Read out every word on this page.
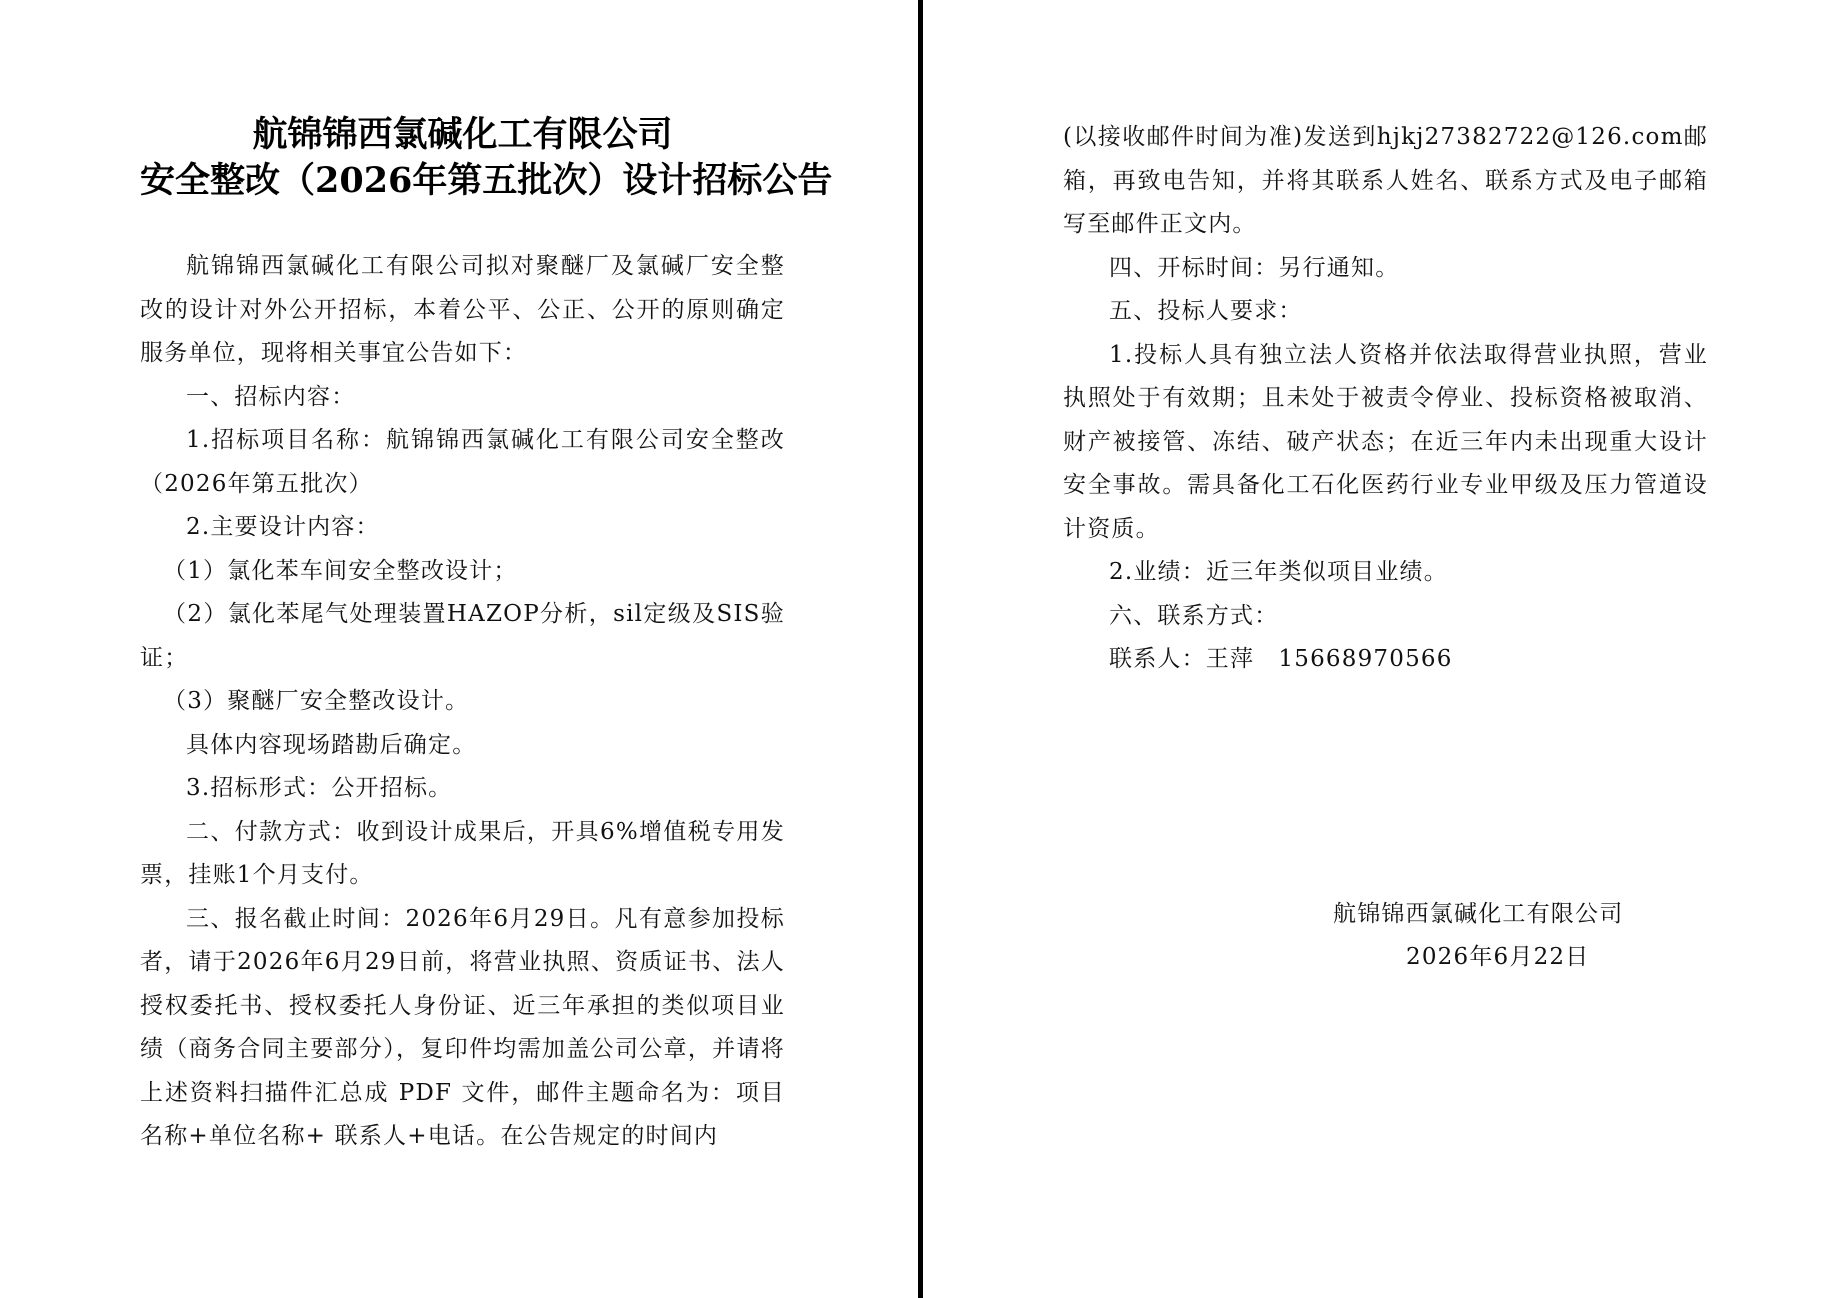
航锦锦西氯碱化工有限公司
安全整改（2026年第五批次）设计招标公告

航锦锦西氯碱化工有限公司拟对聚醚厂及氯碱厂安全整改的设计对外公开招标，本着公平、公正、公开的原则确定服务单位，现将相关事宜公告如下：

一、招标内容：

1.招标项目名称：航锦锦西氯碱化工有限公司安全整改（2026年第五批次）

2.主要设计内容：

（1）氯化苯车间安全整改设计；

（2）氯化苯尾气处理装置HAZOP分析，sil定级及SIS验证；

（3）聚醚厂安全整改设计。

具体内容现场踏勘后确定。

3.招标形式：公开招标。

二、付款方式：收到设计成果后，开具6%增值税专用发票，挂账1个月支付。

三、报名截止时间：2026年6月29日。凡有意参加投标者，请于2026年6月29日前，将营业执照、资质证书、法人授权委托书、授权委托人身份证、近三年承担的类似项目业绩（商务合同主要部分），复印件均需加盖公司公章，并请将上述资料扫描件汇总成 PDF 文件，邮件主题命名为：项目名称+单位名称+ 联系人+电话。在公告规定的时间内

(以接收邮件时间为准)发送到hjkj27382722@126.com邮箱，再致电告知，并将其联系人姓名、联系方式及电子邮箱写至邮件正文内。

四、开标时间：另行通知。

五、投标人要求：

1.投标人具有独立法人资格并依法取得营业执照，营业执照处于有效期；且未处于被责令停业、投标资格被取消、财产被接管、冻结、破产状态；在近三年内未出现重大设计安全事故。需具备化工石化医药行业专业甲级及压力管道设计资质。

2.业绩：近三年类似项目业绩。

六、联系方式：

联系人：王萍　15668970566

航锦锦西氯碱化工有限公司
2026年6月22日
